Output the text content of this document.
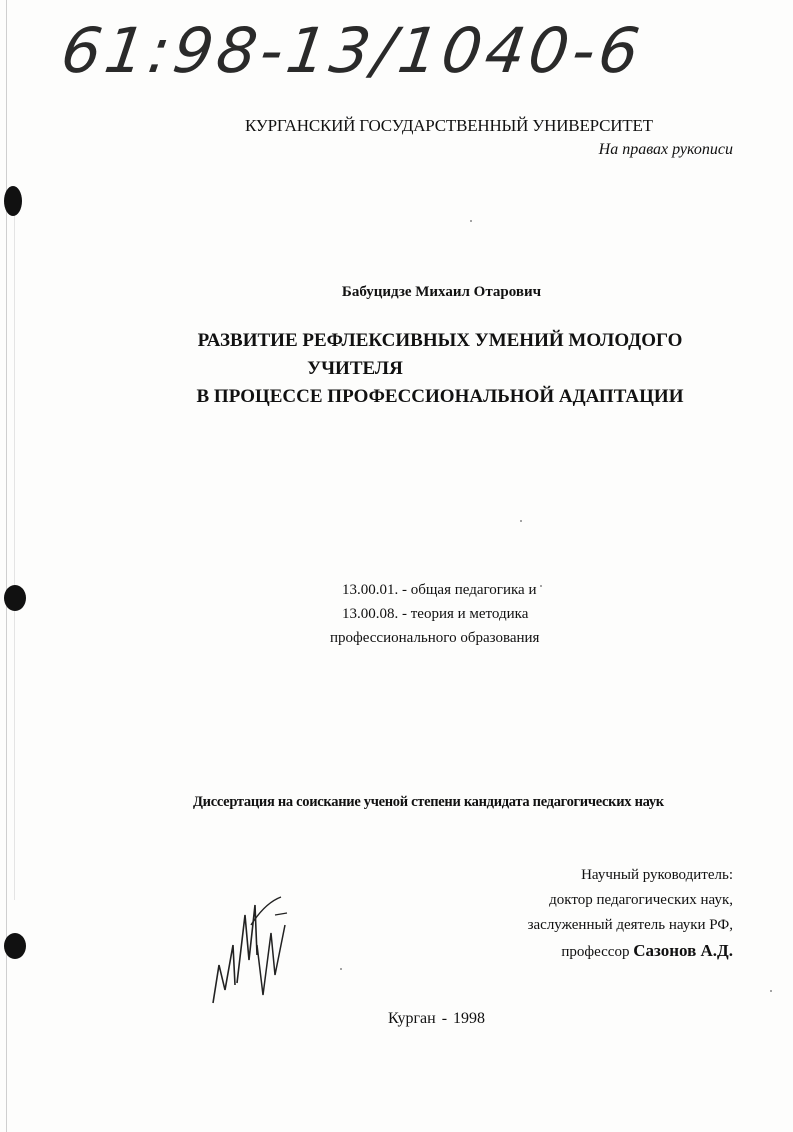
61:98-13/1040-6
КУРГАНСКИЙ ГОСУДАРСТВЕННЫЙ УНИВЕРСИТЕТ
На правах рукописи
Бабуцидзе Михаил Отарович
РАЗВИТИЕ РЕФЛЕКСИВНЫХ УМЕНИЙ МОЛОДОГО
УЧИТЕЛЯ
В ПРОЦЕССЕ ПРОФЕССИОНАЛЬНОЙ АДАПТАЦИИ
13.00.01. - общая педагогика и
13.00.08. - теория и методика
профессионального образования
Диссертация на соискание ученой степени кандидата педагогических наук
Научный руководитель:
доктор педагогических наук,
заслуженный деятель науки РФ,
профессор Сазонов А.Д.
Курган - 1998
